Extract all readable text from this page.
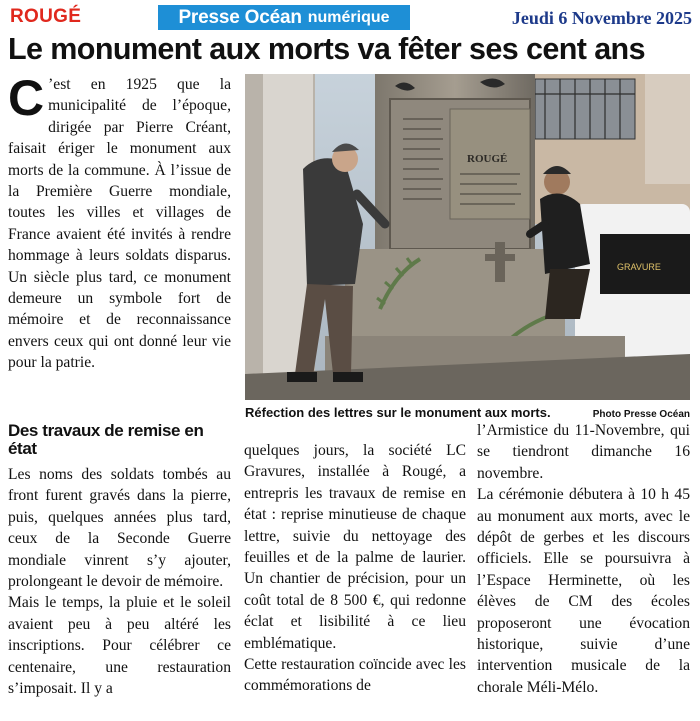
ROUGÉ	Presse Océan numérique	Jeudi 6 Novembre 2025
Le monument aux morts va fêter ses cent ans
C ’est en 1925 que la municipalité de l’époque, dirigée par Pierre Créant, faisait ériger le monument aux morts de la commune. À l’issue de la Première Guerre mondiale, toutes les villes et villages de France avaient été invités à rendre hommage à leurs soldats disparus. Un siècle plus tard, ce monument demeure un symbole fort de mémoire et de reconnaissance envers ceux qui ont donné leur vie pour la patrie.
GRAVURE
ROUGÉ
Réfection des lettres sur le monument aux morts.	Photo Presse Océan
Des travaux de remise en état

Les noms des soldats tombés au front furent gravés dans la pierre, puis, quelques années plus tard, ceux de la Seconde Guerre mondiale vinrent s’y ajouter, prolongeant le devoir de mémoire.

Mais le temps, la pluie et le soleil avaient peu à peu altéré les inscriptions. Pour célébrer ce centenaire, une restauration s’imposait. Il y a

quelques jours, la société LC Gravures, installée à Rougé, a entrepris les travaux de remise en état : reprise minutieuse de chaque lettre, suivie du nettoyage des feuilles et de la palme de laurier. Un chantier de précision, pour un coût total de 8 500 €, qui redonne éclat et lisibilité à ce lieu emblématique.

Cette restauration coïncide avec les commémorations de

l’Armistice du 11-Novembre, qui se tiendront dimanche 16 novembre.

La cérémonie débutera à 10 h 45 au monument aux morts, avec le dépôt de gerbes et les discours officiels. Elle se poursuivra à l’Espace Herminette, où les élèves de CM des écoles proposeront une évocation historique, suivie d’une intervention musicale de la chorale Méli-Mélo.
